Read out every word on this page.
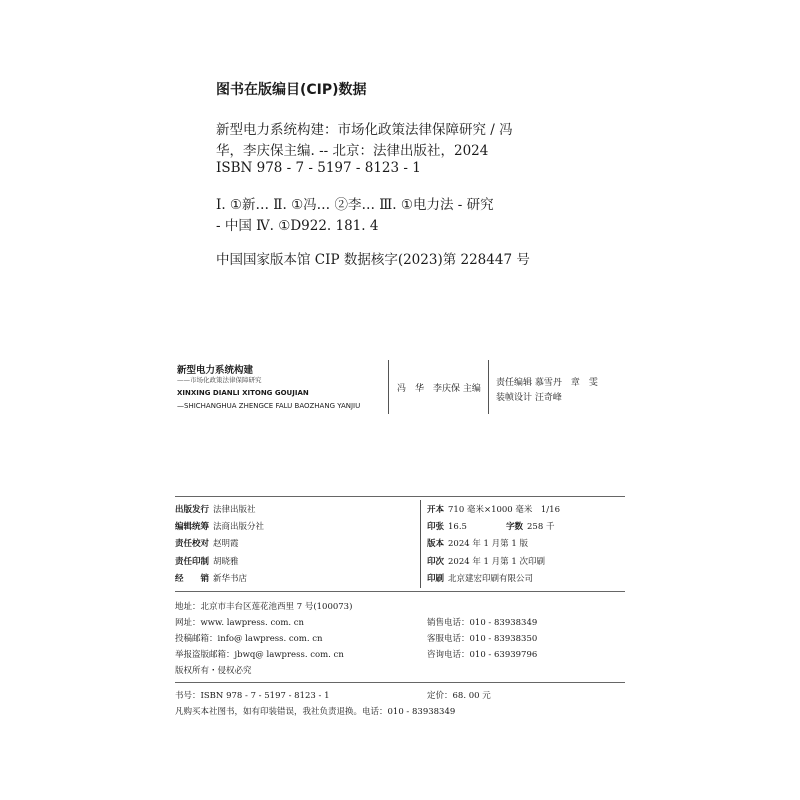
图书在版编目(CIP)数据
新型电力系统构建：市场化政策法律保障研究 / 冯
华，李庆保主编. -- 北京：法律出版社，2024
ISBN 978 - 7 - 5197 - 8123 - 1
Ⅰ. ①新… Ⅱ. ①冯… ②李… Ⅲ. ①电力法 - 研究
- 中国 Ⅳ. ①D922. 181. 4
中国国家版本馆 CIP 数据核字(2023)第 228447 号
新型电力系统构建
——市场化政策法律保障研究
XINXING DIANLI XITONG GOUJIAN
—SHICHANGHUA ZHENGCE FALU BAOZHANG YANJIU
冯　华　李庆保 主编
责任编辑 慕雪丹　章　雯
装帧设计 汪奇峰
出版发行 法律出版社
编辑统筹 法商出版分社
责任校对 赵明霞
责任印制 胡晓雅
经　　销 新华书店
开本 710 毫米×1000 毫米　1/16
印张 16.5	字数 258 千
版本 2024 年 1 月第 1 版
印次 2024 年 1 月第 1 次印刷
印刷 北京建宏印刷有限公司
地址：北京市丰台区莲花池西里 7 号(100073)
网址：www. lawpress. com. cn
投稿邮箱：info@ lawpress. com. cn
举报盗版邮箱：jbwq@ lawpress. com. cn
版权所有・侵权必究
销售电话：010 - 83938349
客服电话：010 - 83938350
咨询电话：010 - 63939796
书号：ISBN 978 - 7 - 5197 - 8123 - 1	定价：68. 00 元
凡购买本社图书，如有印装错误，我社负责退换。电话：010 - 83938349
